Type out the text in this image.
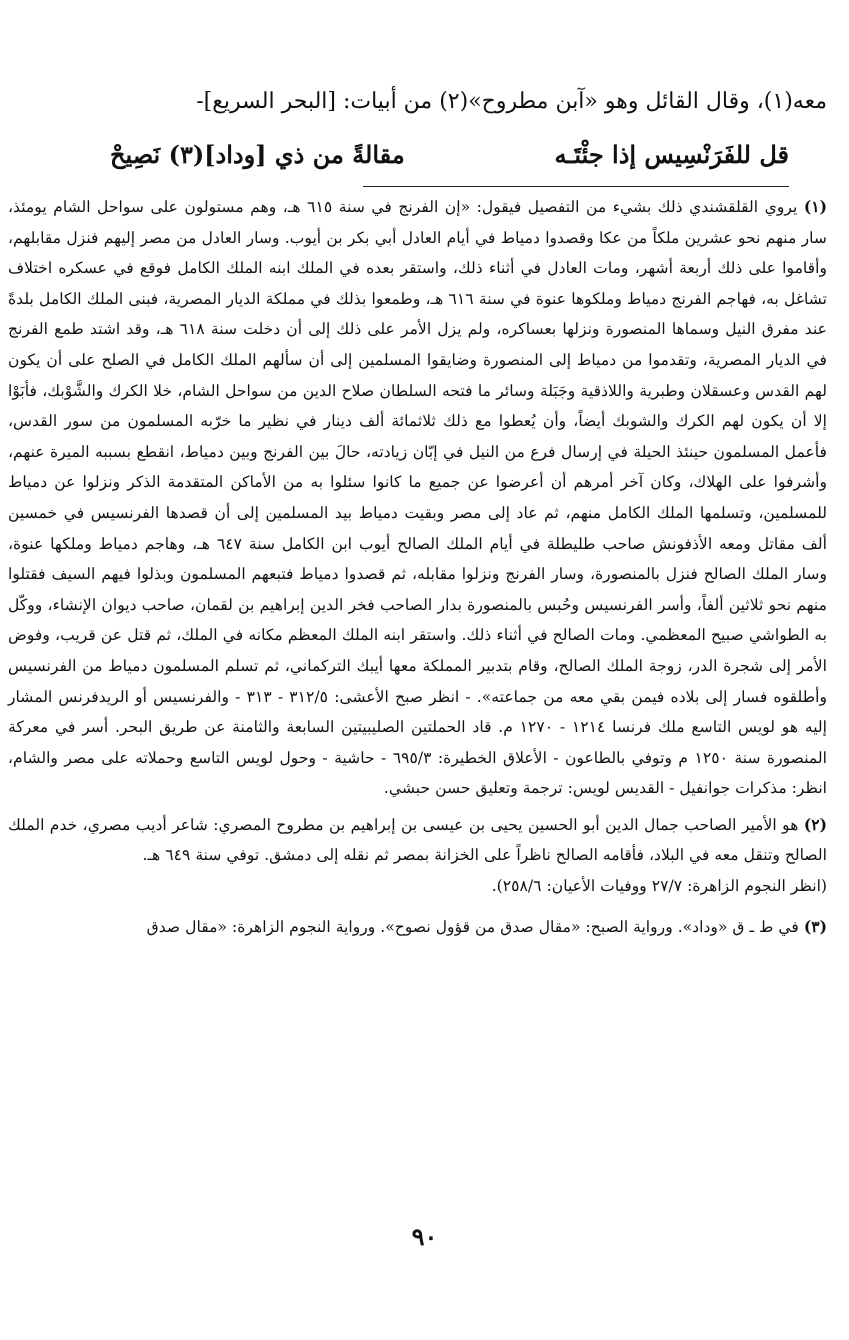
معه(١)، وقال القائل وهو «آبن مطروح»(٢) من أبيات: [البحر السريع]-
قل للفَرَنْسِيس إذا جئْتَـه
مقالةً من ذي [وداد](٣) نَصِيحْ
(١) يروي القلقشندي ذلك بشيء من التفصيل فيقول: «إن الفرنج في سنة ٦١٥ هـ، وهم مستولون على سواحل الشام يومئذ، سار منهم نحو عشرين ملكاً من عكا وقصدوا دمياط في أيام العادل أبي بكر بن أيوب. وسار العادل من مصر إليهم فنزل مقابلهم، وأقاموا على ذلك أربعة أشهر، ومات العادل في أثناء ذلك، واستقر بعده في الملك ابنه الملك الكامل فوقع في عسكره اختلاف تشاغل به، فهاجم الفرنج دمياط وملكوها عنوة في سنة ٦١٦ هـ، وطمعوا بذلك في مملكة الديار المصرية، فبنى الملك الكامل بلدةً عند مفرق النيل وسماها المنصورة ونزلها بعساكره، ولم يزل الأمر على ذلك إلى أن دخلت سنة ٦١٨ هـ، وقد اشتد طمع الفرنج في الديار المصرية، وتقدموا من دمياط إلى المنصورة وضايقوا المسلمين إلى أن سألهم الملك الكامل في الصلح على أن يكون لهم القدس وعسقلان وطبرية واللاذقية وجَبَلة وسائر ما فتحه السلطان صلاح الدين من سواحل الشام، خلا الكرك والشَّوْبك، فأبَوْا إلا أن يكون لهم الكرك والشوبك أيضاً، وأن يُعطوا مع ذلك ثلاثمائة ألف دينار في نظير ما خرّبه المسلمون من سور القدس، فأعمل المسلمون حينئذ الحيلة في إرسال فرع من النيل في إبّان زيادته، حالَ بين الفرنج وبين دمياط، انقطع بسببه الميرة عنهم، وأشرفوا على الهلاك، وكان آخر أمرهم أن أعرضوا عن جميع ما كانوا سئلوا به من الأماكن المتقدمة الذكر ونزلوا عن دمياط للمسلمين، وتسلمها الملك الكامل منهم، ثم عاد إلى مصر وبقيت دمياط بيد المسلمين إلى أن قصدها الفرنسيس في خمسين ألف مقاتل ومعه الأذفونش صاحب طليطلة في أيام الملك الصالح أيوب ابن الكامل سنة ٦٤٧ هـ، وهاجم دمياط وملكها عنوة، وسار الملك الصالح فنزل بالمنصورة، وسار الفرنج ونزلوا مقابله، ثم قصدوا دمياط فتبعهم المسلمون وبذلوا فيهم السيف فقتلوا منهم نحو ثلاثين ألفاً، وأسر الفرنسيس وحُبس بالمنصورة بدار الصاحب فخر الدين إبراهيم بن لقمان، صاحب ديوان الإنشاء، ووكّل به الطواشي صبيح المعظمي. ومات الصالح في أثناء ذلك. واستقر ابنه الملك المعظم مكانه في الملك، ثم قتل عن قريب، وفوض الأمر إلى شجرة الدر، زوجة الملك الصالح، وقام بتدبير المملكة معها أيبك التركماني، ثم تسلم المسلمون دمياط من الفرنسيس وأطلقوه فسار إلى بلاده فيمن بقي معه من جماعته». - انظر صبح الأعشى: ٣١٢/٥ - ٣١٣ - والفرنسيس أو الريدفرنس المشار إليه هو لويس التاسع ملك فرنسا ١٢١٤ - ١٢٧٠ م. قاد الحملتين الصليبيتين السابعة والثامنة عن طريق البحر. أسر في معركة المنصورة سنة ١٢٥٠ م وتوفي بالطاعون - الأعلاق الخطيرة: ٦٩٥/٣ - حاشية - وحول لويس التاسع وحملاته على مصر والشام، انظر: مذكرات جوانفيل - القديس لويس: ترجمة وتعليق حسن حبشي.
(٢) هو الأمير الصاحب جمال الدين أبو الحسين يحيى بن عيسى بن إبراهيم بن مطروح المصري: شاعر أديب مصري، خدم الملك الصالح وتنقل معه في البلاد، فأقامه الصالح ناظراً على الخزانة بمصر ثم نقله إلى دمشق. توفي سنة ٦٤٩ هـ.

(انظر النجوم الزاهرة: ٢٧/٧ ووفيات الأعيان: ٢٥٨/٦).

(٣) في ط ـ ق «وداد». ورواية الصبح: «مقال صدق من قؤول نصوح». ورواية النجوم الزاهرة: «مقال صدق
٩٠
